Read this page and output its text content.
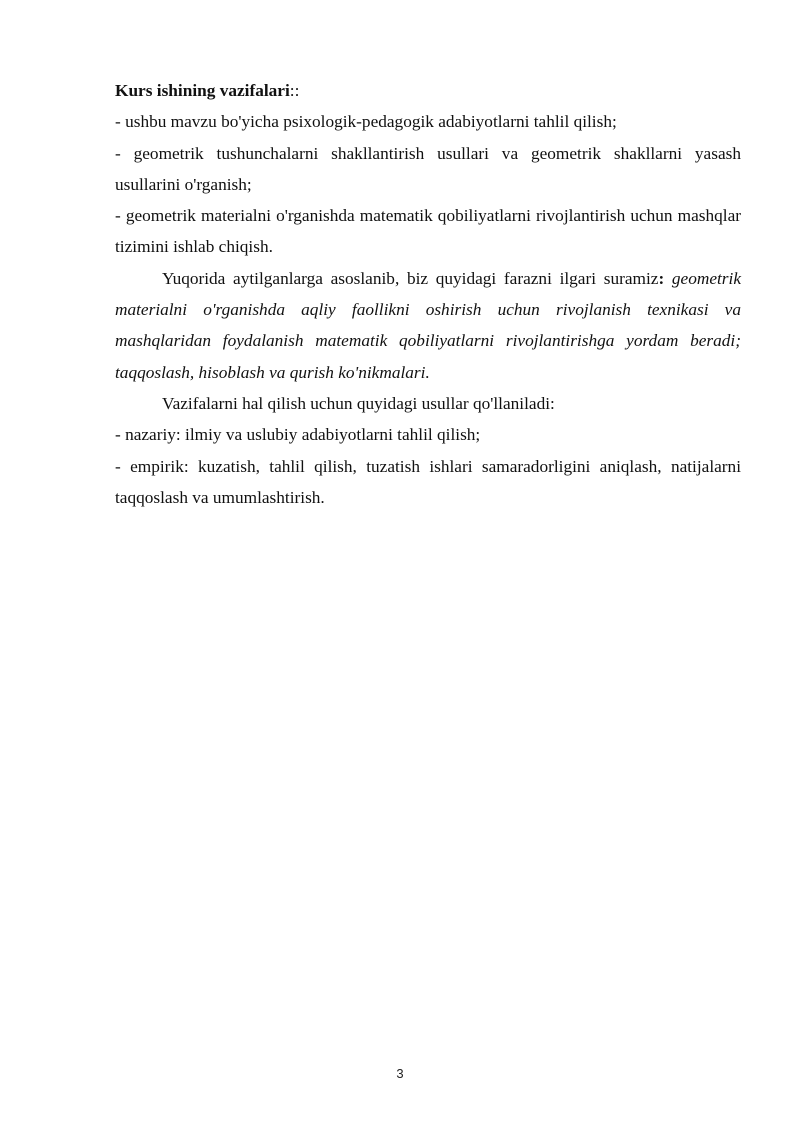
Kurs ishining vazifalari::

- ushbu mavzu bo'yicha psixologik-pedagogik adabiyotlarni tahlil qilish;

- geometrik tushunchalarni shakllantirish usullari va geometrik shakllarni yasash usullarini o'rganish;

- geometrik materialni o'rganishda matematik qobiliyatlarni rivojlantirish uchun mashqlar tizimini ishlab chiqish.

Yuqorida aytilganlarga asoslanib, biz quyidagi farazni ilgari suramiz: geometrik materialni o'rganishda aqliy faollikni oshirish uchun rivojlanish texnikasi va mashqlaridan foydalanish matematik qobiliyatlarni rivojlantirishga yordam beradi; taqqoslash, hisoblash va qurish ko'nikmalari.

Vazifalarni hal qilish uchun quyidagi usullar qo'llaniladi:

- nazariy: ilmiy va uslubiy adabiyotlarni tahlil qilish;

- empirik: kuzatish, tahlil qilish, tuzatish ishlari samaradorligini aniqlash, natijalarni taqqoslash va umumlashtirish.

3
